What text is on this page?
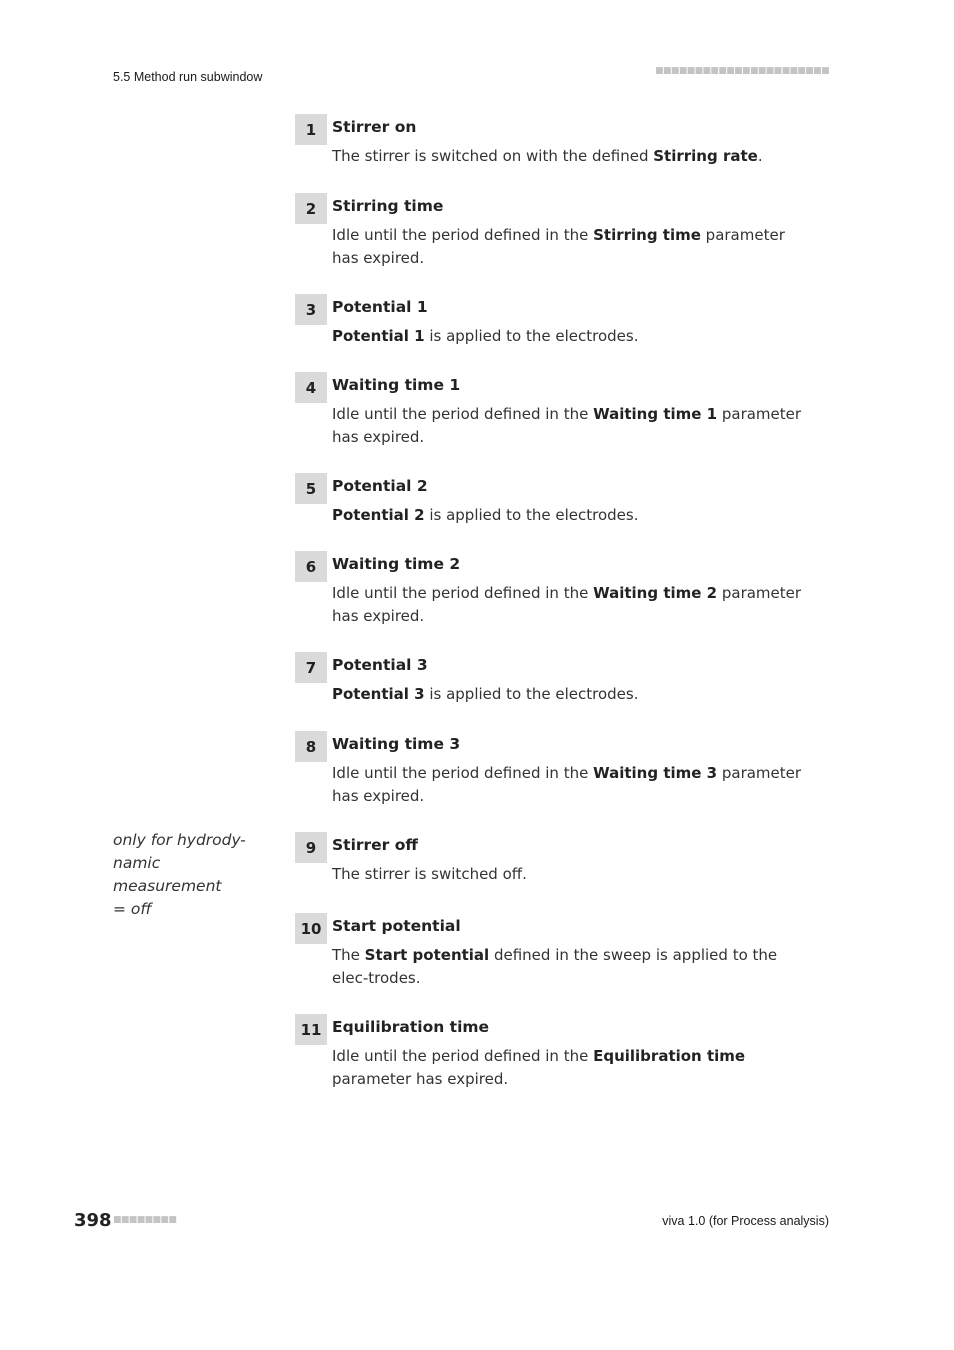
5.5 Method run subwindow	■■■■■■■■■■■■■■■■■■■■■■
only for hydrody-
namic measurement
= off
1	Stirrer on
The stirrer is switched on with the defined Stirring rate.
2	Stirring time
Idle until the period defined in the Stirring time parameter has expired.
3	Potential 1
Potential 1 is applied to the electrodes.
4	Waiting time 1
Idle until the period defined in the Waiting time 1 parameter has expired.
5	Potential 2
Potential 2 is applied to the electrodes.
6	Waiting time 2
Idle until the period defined in the Waiting time 2 parameter has expired.
7	Potential 3
Potential 3 is applied to the electrodes.
8	Waiting time 3
Idle until the period defined in the Waiting time 3 parameter has expired.
9	Stirrer off
The stirrer is switched off.
10 Start potential
The Start potential defined in the sweep is applied to the elec-trodes.
11 Equilibration time
Idle until the period defined in the Equilibration time parameter has expired.
398 ■■■■■■■■	viva 1.0 (for Process analysis)
